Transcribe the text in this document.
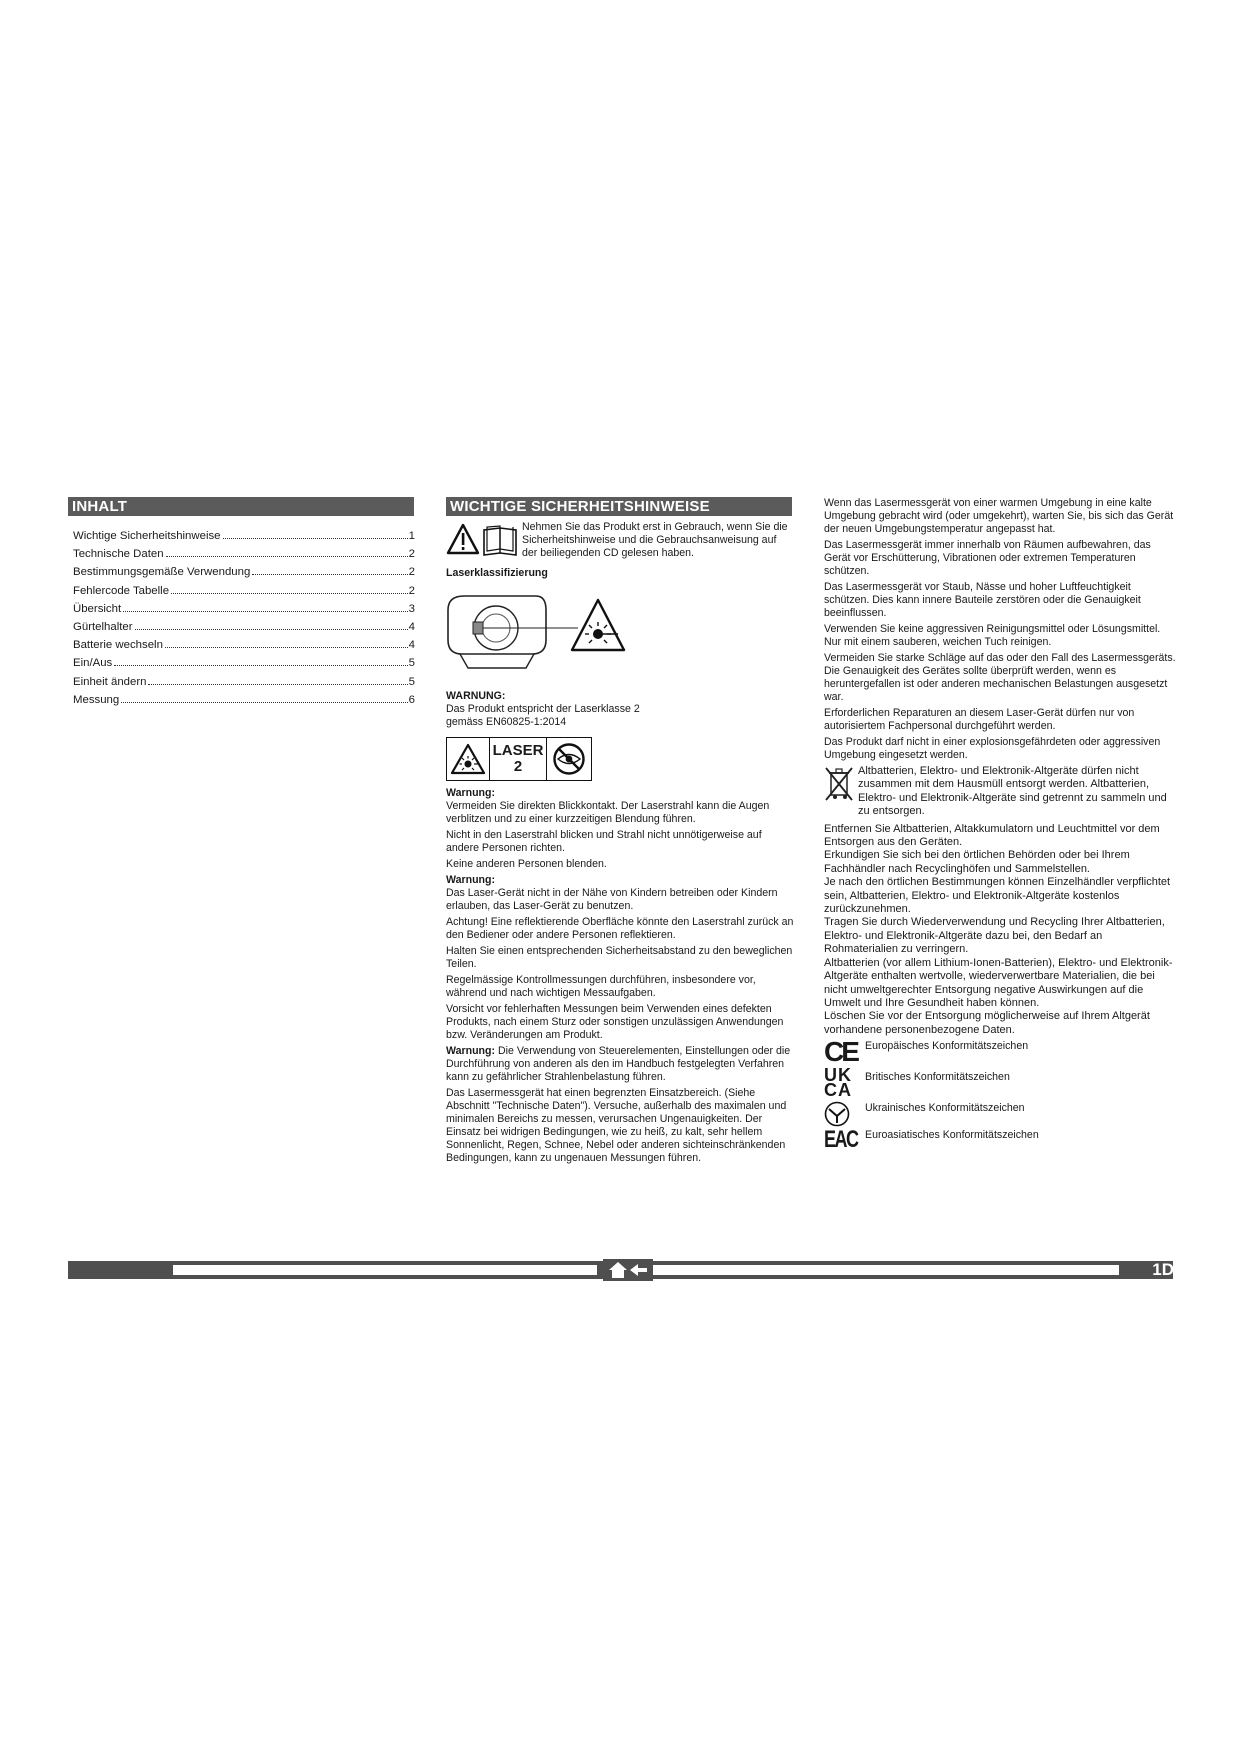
INHALT
Wichtige Sicherheitshinweise	1
Technische Daten	2
Bestimmungsgemäße Verwendung	2
Fehlercode Tabelle	2
Übersicht	3
Gürtelhalter	4
Batterie wechseln	4
Ein/Aus	5
Einheit ändern	5
Messung	6
WICHTIGE SICHERHEITSHINWEISE

Nehmen Sie das Produkt erst in Gebrauch, wenn Sie die Sicherheitshinweise und die Gebrauchsanweisung auf der beiliegenden CD gelesen haben.

Laserklassifizierung

WARNUNG:

Das Produkt entspricht der Laserklasse 2
gemäss EN60825-1:2014

LASER
2

Warnung:

Vermeiden Sie direkten Blickkontakt. Der Laserstrahl kann die Augen verblitzen und zu einer kurzzeitigen Blendung führen.

Nicht in den Laserstrahl blicken und Strahl nicht unnötigerweise auf andere Personen richten.

Keine anderen Personen blenden.

Warnung:

Das Laser-Gerät nicht in der Nähe von Kindern betreiben oder Kindern erlauben, das Laser-Gerät zu benutzen.

Achtung! Eine reflektierende Oberfläche könnte den Laserstrahl zurück an den Bediener oder andere Personen reflektieren.

Halten Sie einen entsprechenden Sicherheitsabstand zu den beweglichen Teilen.

Regelmässige Kontrollmessungen durchführen, insbesondere vor, während und nach wichtigen Messaufgaben.

Vorsicht vor fehlerhaften Messungen beim Verwenden eines defekten Produkts, nach einem Sturz oder sonstigen unzulässigen Anwendungen bzw. Veränderungen am Produkt.

Warnung: Die Verwendung von Steuerelementen, Einstellungen oder die Durchführung von anderen als den im Handbuch festgelegten Verfahren kann zu gefährlicher Strahlenbelastung führen.

Das Lasermessgerät hat einen begrenzten Einsatzbereich. (Siehe Abschnitt "Technische Daten"). Versuche, außerhalb des maximalen und minimalen Bereichs zu messen, verursachen Ungenauigkeiten. Der Einsatz bei widrigen Bedingungen, wie zu heiß, zu kalt, sehr hellem Sonnenlicht, Regen, Schnee, Nebel oder anderen sichteinschränkenden Bedingungen, kann zu ungenauen Messungen führen.

Wenn das Lasermessgerät von einer warmen Umgebung in eine kalte Umgebung gebracht wird (oder umgekehrt), warten Sie, bis sich das Gerät der neuen Umgebungstemperatur angepasst hat.

Das Lasermessgerät immer innerhalb von Räumen aufbewahren, das Gerät vor Erschütterung, Vibrationen oder extremen Temperaturen schützen.

Das Lasermessgerät vor Staub, Nässe und hoher Luftfeuchtigkeit schützen. Dies kann innere Bauteile zerstören oder die Genauigkeit beeinflussen.

Verwenden Sie keine aggressiven Reinigungsmittel oder Lösungsmittel. Nur mit einem sauberen, weichen Tuch reinigen.

Vermeiden Sie starke Schläge auf das oder den Fall des Lasermessgeräts. Die Genauigkeit des Gerätes sollte überprüft werden, wenn es heruntergefallen ist oder anderen mechanischen Belastungen ausgesetzt war.

Erforderlichen Reparaturen an diesem Laser-Gerät dürfen nur von autorisiertem Fachpersonal durchgeführt werden.

Das Produkt darf nicht in einer explosionsgefährdeten oder aggressiven Umgebung eingesetzt werden.

Altbatterien, Elektro- und Elektronik-Altgeräte dürfen nicht zusammen mit dem Hausmüll entsorgt werden. Altbatterien, Elektro- und Elektronik-Altgeräte sind getrennt zu sammeln und zu entsorgen.

Entfernen Sie Altbatterien, Altakkumulatorn und Leuchtmittel vor dem Entsorgen aus den Geräten.

Erkundigen Sie sich bei den örtlichen Behörden oder bei Ihrem Fachhändler nach Recyclinghöfen und Sammelstellen.

Je nach den örtlichen Bestimmungen können Einzelhändler verpflichtet sein, Altbatterien, Elektro- und Elektronik-Altgeräte kostenlos zurückzunehmen.

Tragen Sie durch Wiederverwendung und Recycling Ihrer Altbatterien, Elektro- und Elektronik-Altgeräte dazu bei, den Bedarf an Rohmaterialien zu verringern.

Altbatterien (vor allem Lithium-Ionen-Batterien), Elektro- und Elektronik-Altgeräte enthalten wertvolle, wiederverwertbare Materialien, die bei nicht umweltgerechter Entsorgung negative Auswirkungen auf die Umwelt und Ihre Gesundheit haben können.

Löschen Sie vor der Entsorgung möglicherweise auf Ihrem Altgerät vorhandene personenbezogene Daten.

CE Europäisches Konformitätszeichen
UK
CA
Britisches Konformitätszeichen
Ukrainisches Konformitätszeichen
EAC Euroasiatisches Konformitätszeichen
1D
